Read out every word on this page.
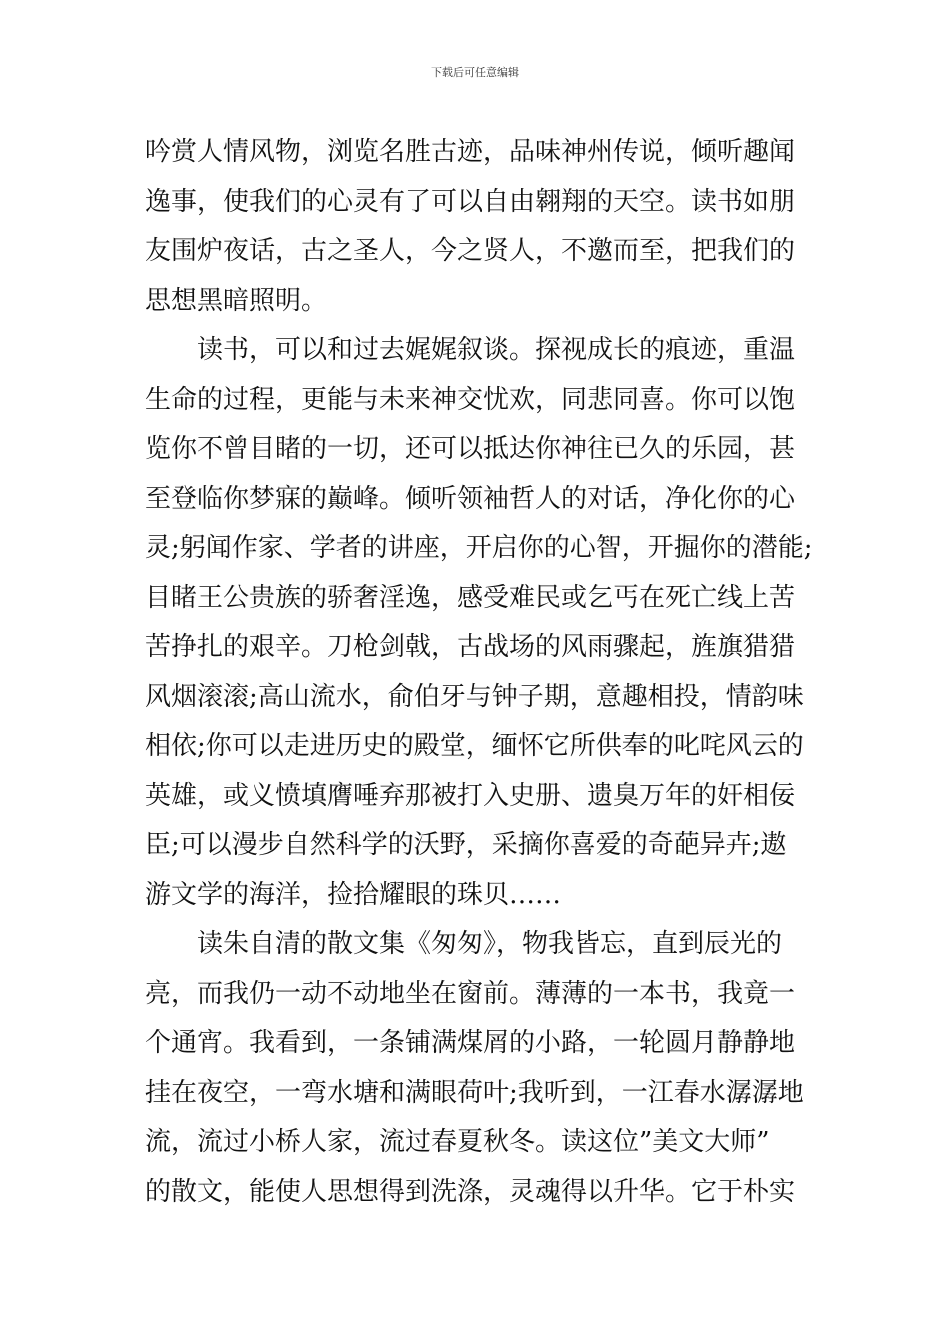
下载后可任意编辑
吟赏人情风物，浏览名胜古迹，品味神州传说，倾听趣闻
逸事，使我们的心灵有了可以自由翱翔的天空。读书如朋
友围炉夜话，古之圣人，今之贤人，不邀而至，把我们的
思想黑暗照明。
读书，可以和过去娓娓叙谈。探视成长的痕迹，重温
生命的过程，更能与未来神交忧欢，同悲同喜。你可以饱
览你不曾目睹的一切，还可以抵达你神往已久的乐园，甚
至登临你梦寐的巅峰。倾听领袖哲人的对话，净化你的心
灵;躬闻作家、学者的讲座，开启你的心智，开掘你的潜能;
目睹王公贵族的骄奢淫逸，感受难民或乞丐在死亡线上苦
苦挣扎的艰辛。刀枪剑戟，古战场的风雨骤起，旌旗猎猎
风烟滚滚;高山流水，俞伯牙与钟子期，意趣相投，情韵味
相依;你可以走进历史的殿堂，缅怀它所供奉的叱咤风云的
英雄，或义愤填膺唾弃那被打入史册、遗臭万年的奸相佞
臣;可以漫步自然科学的沃野，采摘你喜爱的奇葩异卉;遨
游文学的海洋，捡拾耀眼的珠贝……
读朱自清的散文集《匆匆》，物我皆忘，直到辰光的
亮，而我仍一动不动地坐在窗前。薄薄的一本书，我竟一
个通宵。我看到，一条铺满煤屑的小路，一轮圆月静静地
挂在夜空，一弯水塘和满眼荷叶;我听到，一江春水潺潺地
流，流过小桥人家，流过春夏秋冬。读这位”美文大师”
的散文，能使人思想得到洗涤，灵魂得以升华。它于朴实
